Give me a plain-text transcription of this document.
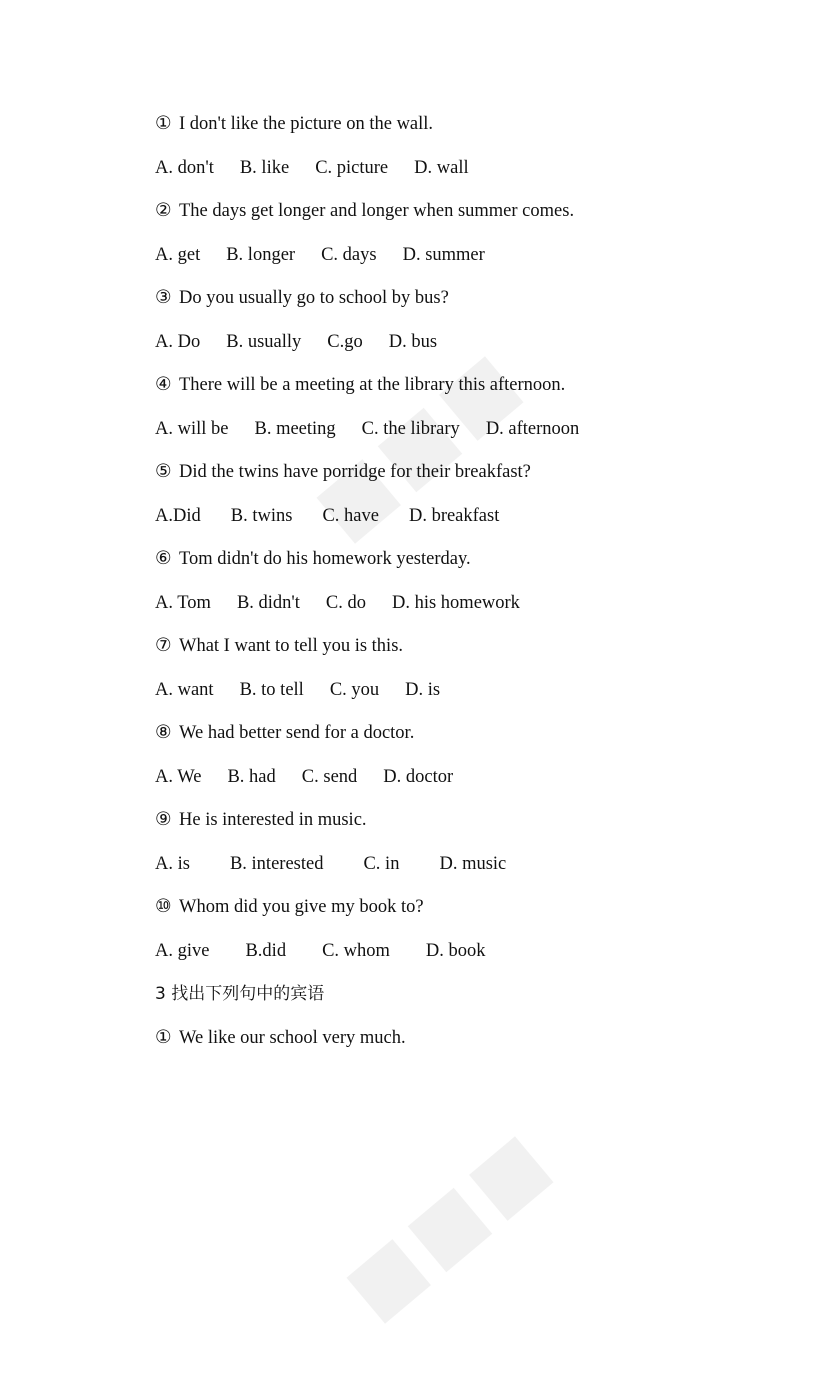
① I don't like the picture on the wall.
A. don't B. like C. picture D. wall
② The days get longer and longer when summer comes.
A. get B. longer C. days D. summer
③ Do you usually go to school by bus?
A. Do B. usually C.go D. bus
④ There will be a meeting at the library this afternoon.
A. will be B. meeting C. the library D. afternoon
⑤ Did the twins have porridge for their breakfast?
A.Did B. twins C. have D. breakfast
⑥ Tom didn't do his homework yesterday.
A. Tom B. didn't C. do D. his homework
⑦ What I want to tell you is this.
A. want B. to tell C. you D. is
⑧ We had better send for a doctor.
A. We B. had C. send D. doctor
⑨ He is interested in music.
A. is B. interested C. in D. music
⑩ Whom did you give my book to?
A. give B.did C. whom D. book
3 找出下列句中的宾语
① We like our school very much.
